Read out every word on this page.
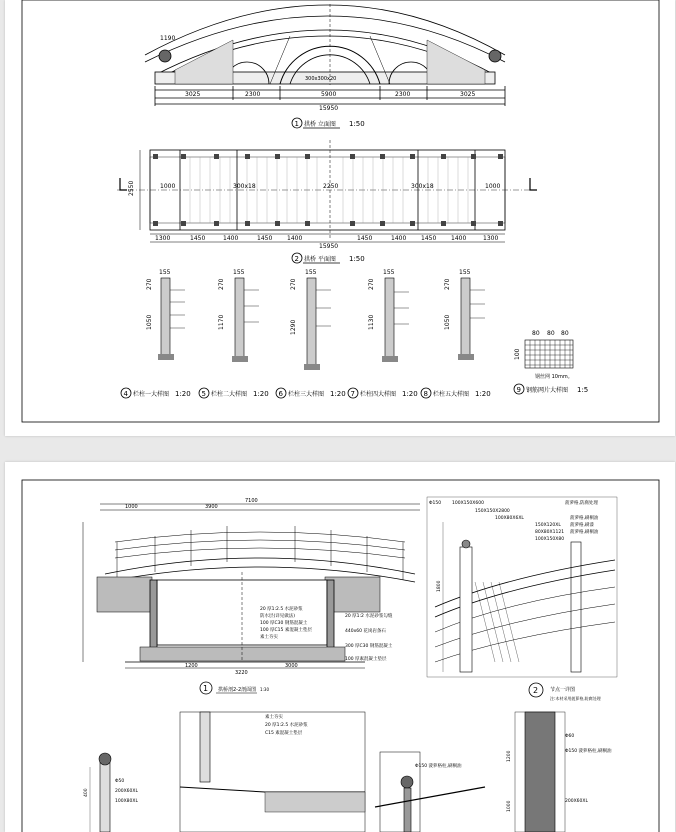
1190
3025	2300	5900	2300	3025
15950
300x300x20
1 拱桥 立面图 1:50
2550	1000	1000
300x18	2250	300x18
1300	1450	1400	1450 1400	1450	1400 1450 1400	1300
15950
2 拱桥 平面图 1:50
155
270
1050
155
270
1170
155
270
1290
155
270
1130
155
270
1050
4 栏柱一大样图 1:20 5 栏柱二大样图 1:20 6 栏柱三大样图 1:20 7 栏柱四大样图 1:20 8 栏柱五大样图 1:20
80 80 80
100
钢丝网 10mm。
9 钢筋网片大样图 1:5
7100
3900
1000
3220
1200	3000
20 厚1:2.5 水泥砂浆
防水层(详见做法)
100 厚C30 钢筋混凝土
100 厚C15 素混凝土垫层
素土夯实
20 厚1:2 水泥砂浆勾缝
440x60 花岗岩条石
300 厚C30 钢筋混凝土
100 厚素混凝土垫层
1 拱桥剖2-2剖面图 1:30
Φ150 100X150X600
150X150X2800
100X80X6XL
150X120XL
80X80X1121
100X150X80
1800
菠萝格,防腐处理
菠萝格,刷桐油
菠萝格,刷漆
菠萝格,刷桐油
2 节点一详图
注:木材采用菠萝格,防腐处理
素土夯实
20 厚1:2.5 水泥砂浆
C15 素混凝土垫层
Φ50
200X60XL
100X80XL
Φ150 菠萝格柱,刷桐油
Φ60
200X60XL
Φ150 菠萝格柱,刷桐油
400
1200
1000
